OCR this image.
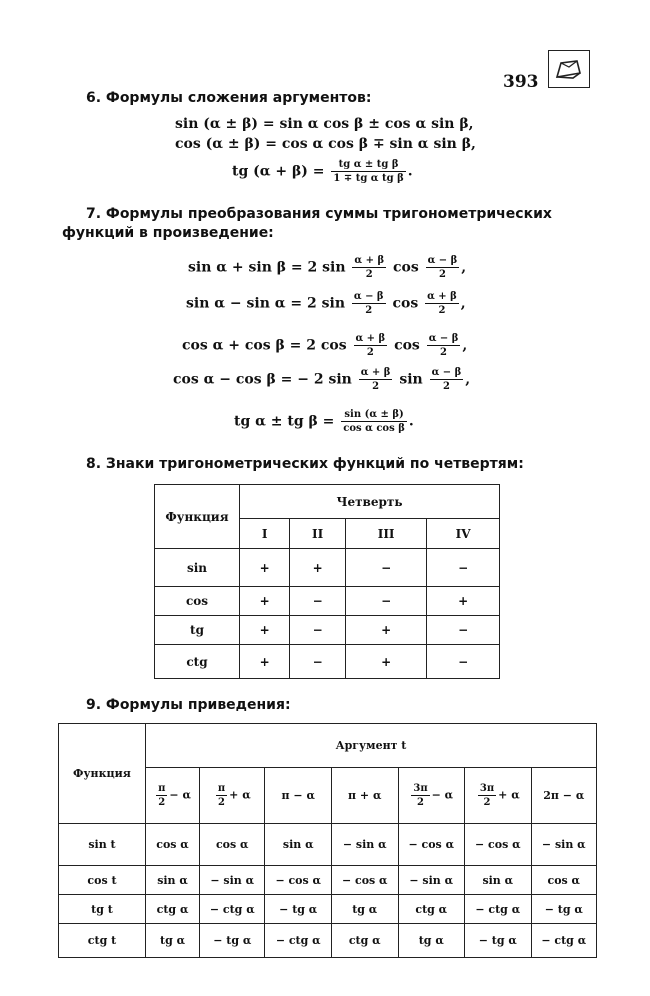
393
6. Формулы сложения аргументов:
sin (α ± β) = sin α cos β ± cos α sin β,
cos (α ± β) = cos α cos β ∓ sin α sin β,
tg $(\alpha + \beta) = \frac{\text{tg α ± tg β}}{\text{1 ∓ tg α tg β}}$ .
7. Формулы преобразования суммы тригонометрических
функций в произведение:
sin α + sin β = 2 $\sin \frac{\alpha + \beta}{2}$ $\cos \frac{\alpha - \beta}{2}$ ,
sin α − sin α = 2 $\sin \frac{\alpha - \beta}{2}$ $\cos \frac{\alpha + \beta}{2}$ ,
cos α + cos β = 2 $\cos \frac{\alpha + \beta}{2}$ $\cos \frac{\alpha - \beta}{2}$ ,
cos α − cos β = − 2 $\sin \frac{\alpha + \beta}{2}$ $\sin \frac{\alpha - \beta}{2}$ ,
tg α ± tg $\beta = \frac{\sin (\alpha \pm \beta)}{\text{cos α cos β}}$ .
8. Знаки тригонометрических функций по четвертям:
Функция	Четверть			
	I	II	III	IV
sin	+	+	−	−
cos	+	−	−	+
tg	+	−	+	−
ctg	+	−	+	−
9. Формулы приведения:
Функция	Аргумент t						

	$\frac{\pi}{2} - \alpha$	$\frac{\pi}{2} + \alpha$	π − α	π + α	$\frac{3\pi}{2} - \alpha$	$\frac{3\pi}{2} + \alpha$	2π − α
sin t	cos α	cos α	sin α	− sin α	− cos α	− cos α	− sin α
cos t	sin α	− sin α	− cos α	− cos α	− sin α	sin α	cos α
tg t	ctg α	− ctg α	− tg α	tg α	ctg α	− ctg α	− tg α
ctg t	tg α	− tg α	− ctg α	ctg α	tg α	− tg α	− ctg α
